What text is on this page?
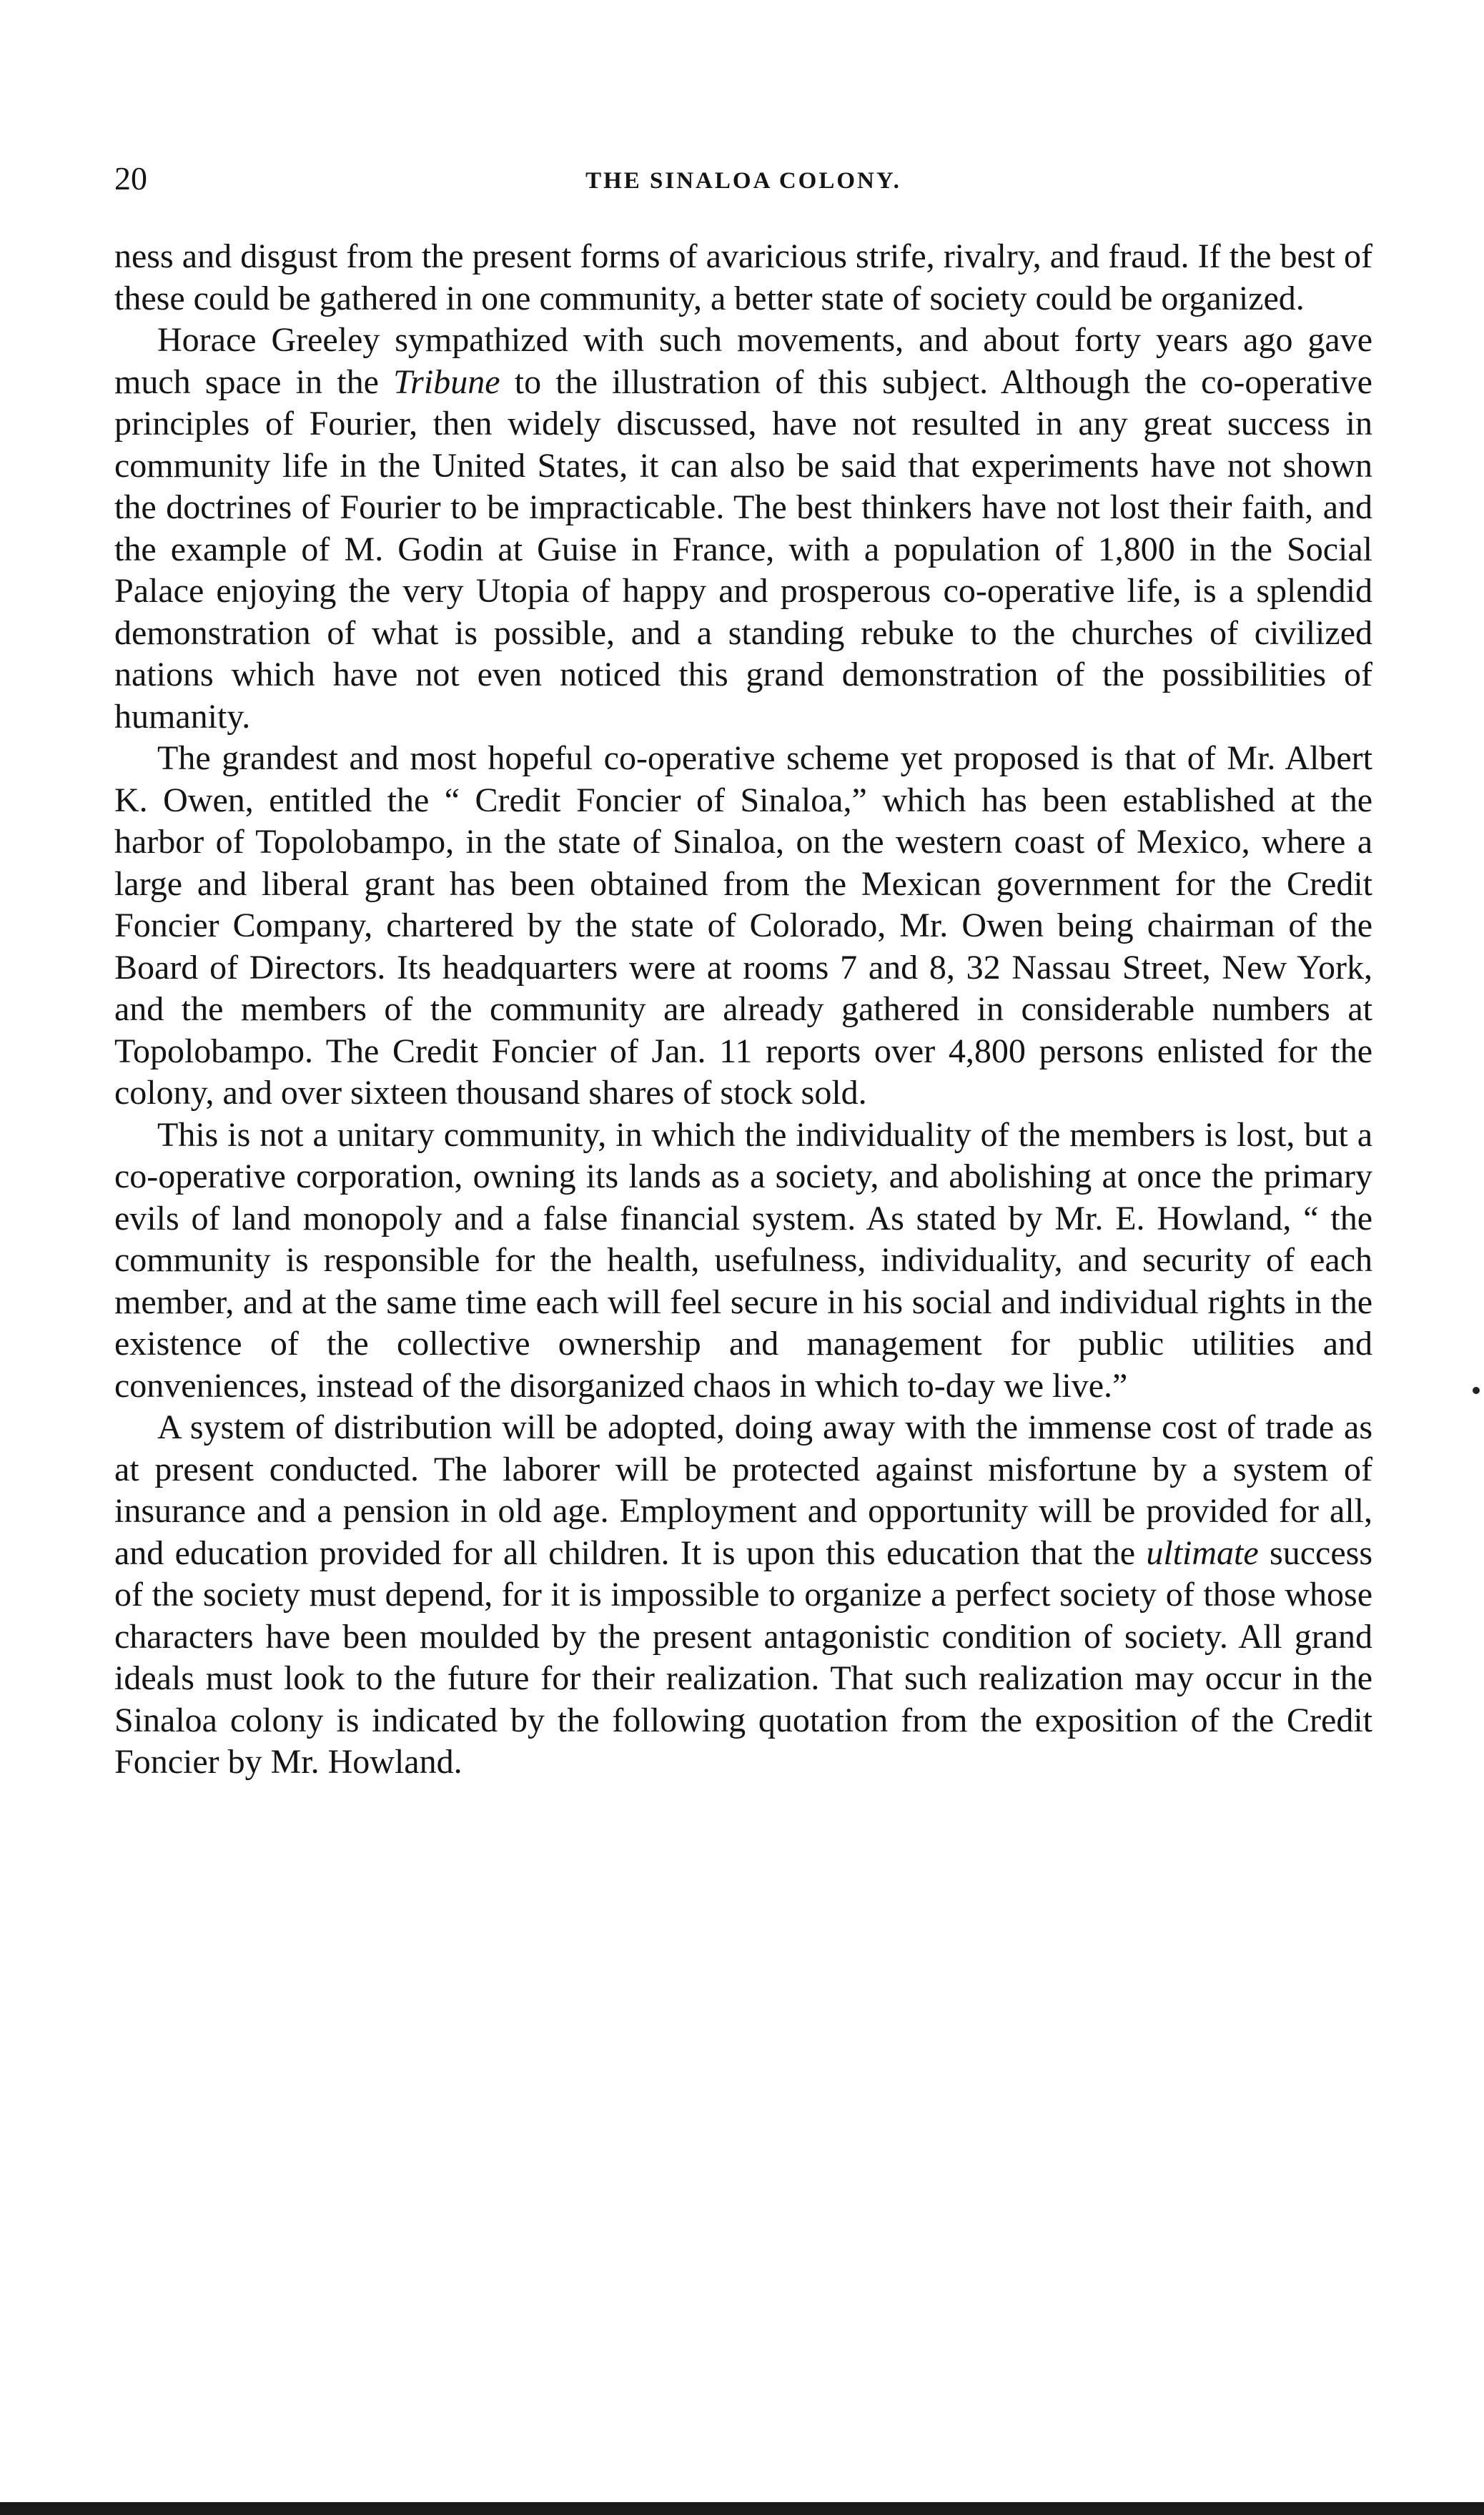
20	THE SINALOA COLONY.

ness and disgust from the present forms of avaricious strife, rivalry, and fraud. If the best of these could be gathered in one community, a better state of society could be organized.

Horace Greeley sympathized with such movements, and about forty years ago gave much space in the Tribune to the illustration of this subject. Although the co-operative principles of Fourier, then widely discussed, have not resulted in any great success in community life in the United States, it can also be said that experiments have not shown the doctrines of Fourier to be impracticable. The best thinkers have not lost their faith, and the example of M. Godin at Guise in France, with a population of 1,800 in the Social Palace enjoying the very Utopia of happy and prosperous co-operative life, is a splendid demonstration of what is possible, and a standing rebuke to the churches of civilized nations which have not even noticed this grand demonstration of the possibilities of humanity.

The grandest and most hopeful co-operative scheme yet proposed is that of Mr. Albert K. Owen, entitled the “ Credit Foncier of Sinaloa,” which has been established at the harbor of Topolobampo, in the state of Sinaloa, on the western coast of Mexico, where a large and liberal grant has been obtained from the Mexican government for the Credit Foncier Company, chartered by the state of Colorado, Mr. Owen being chairman of the Board of Directors. Its headquarters were at rooms 7 and 8, 32 Nassau Street, New York, and the members of the community are already gathered in considerable numbers at Topolobampo. The Credit Foncier of Jan. 11 reports over 4,800 persons enlisted for the colony, and over sixteen thousand shares of stock sold.

This is not a unitary community, in which the individuality of the members is lost, but a co-operative corporation, owning its lands as a society, and abolishing at once the primary evils of land monopoly and a false financial system. As stated by Mr. E. Howland, “ the community is responsible for the health, usefulness, individuality, and security of each member, and at the same time each will feel secure in his social and individual rights in the existence of the collective ownership and management for public utilities and conveniences, instead of the disorganized chaos in which to-day we live.”

A system of distribution will be adopted, doing away with the immense cost of trade as at present conducted. The laborer will be protected against misfortune by a system of insurance and a pension in old age. Employment and opportunity will be provided for all, and education provided for all children. It is upon this education that the ultimate success of the society must depend, for it is impossible to organize a perfect society of those whose characters have been moulded by the present antagonistic condition of society. All grand ideals must look to the future for their realization. That such realization may occur in the Sinaloa colony is indicated by the following quotation from the exposition of the Credit Foncier by Mr. Howland.
